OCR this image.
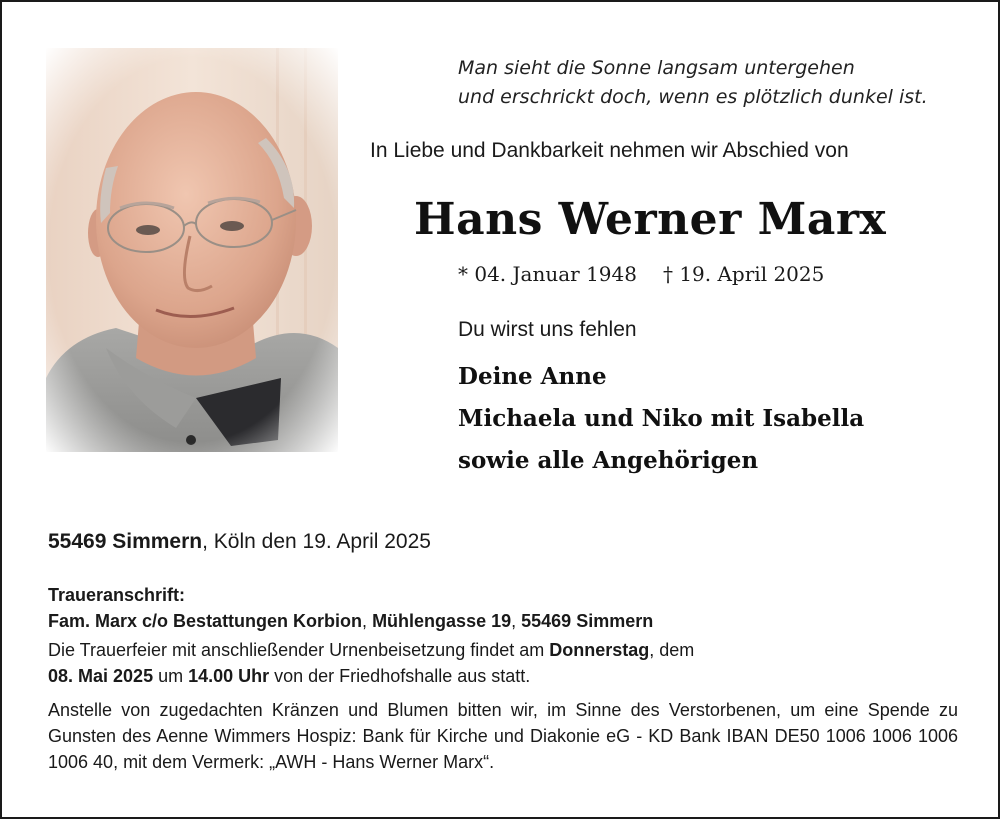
Man sieht die Sonne langsam untergehen
und erschrickt doch, wenn es plötzlich dunkel ist.
In Liebe und Dankbarkeit nehmen wir Abschied von
Hans Werner Marx
* 04. Januar 1948 † 19. April 2025
Du wirst uns fehlen
Deine Anne
Michaela und Niko mit Isabella
sowie alle Angehörigen
55469 Simmern, Köln den 19. April 2025
Traueranschrift:
Fam. Marx c/o Bestattungen Korbion, Mühlengasse 19, 55469 Simmern
Die Trauerfeier mit anschließender Urnenbeisetzung findet am Donnerstag, dem
08. Mai 2025 um 14.00 Uhr von der Friedhofshalle aus statt.
Anstelle von zugedachten Kränzen und Blumen bitten wir, im Sinne des Verstorbenen, um eine Spende zu Gunsten des Aenne Wimmers Hospiz: Bank für Kirche und Diakonie eG - KD Bank IBAN DE50 1006 1006 1006 1006 40, mit dem Vermerk: „AWH - Hans Werner Marx“.
